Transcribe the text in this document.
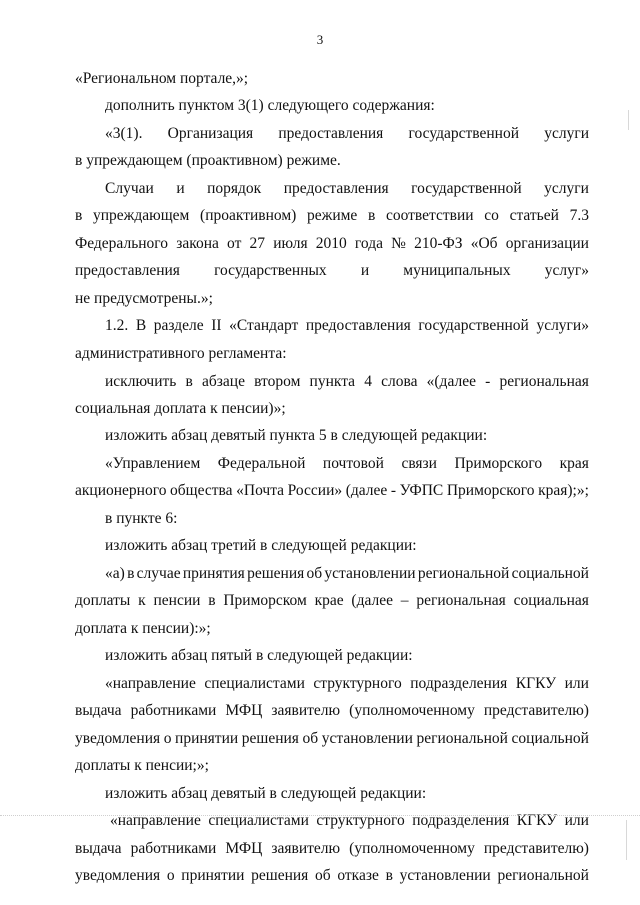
3
«Региональном портале,»;
дополнить пунктом 3(1) следующего содержания:
«3(1). Организация предоставления государственной услуги
в упреждающем (проактивном) режиме.
Случаи и порядок предоставления государственной услуги
в упреждающем (проактивном) режиме в соответствии со статьей 7.3
Федерального закона от 27 июля 2010 года № 210-ФЗ «Об организации
предоставления государственных и муниципальных услуг»
не предусмотрены.»;
1.2. В разделе II «Стандарт предоставления государственной услуги»
административного регламента:
исключить в абзаце втором пункта 4 слова «(далее - региональная
социальная доплата к пенсии)»;
изложить абзац девятый пункта 5 в следующей редакции:
«Управлением Федеральной почтовой связи Приморского края
акционерного общества «Почта России» (далее - УФПС Приморского края);»;
в пункте 6:
изложить абзац третий в следующей редакции:
«а) в случае принятия решения об установлении региональной социальной
доплаты к пенсии в Приморском крае (далее – региональная социальная
доплата к пенсии):»;
изложить абзац пятый в следующей редакции:
«направление специалистами структурного подразделения КГКУ или
выдача работниками МФЦ заявителю (уполномоченному представителю)
уведомления о принятии решения об установлении региональной социальной
доплаты к пенсии;»;
изложить абзац девятый в следующей редакции:
«направление специалистами структурного подразделения КГКУ или
выдача работниками МФЦ заявителю (уполномоченному представителю)
уведомления о принятии решения об отказе в установлении региональной
